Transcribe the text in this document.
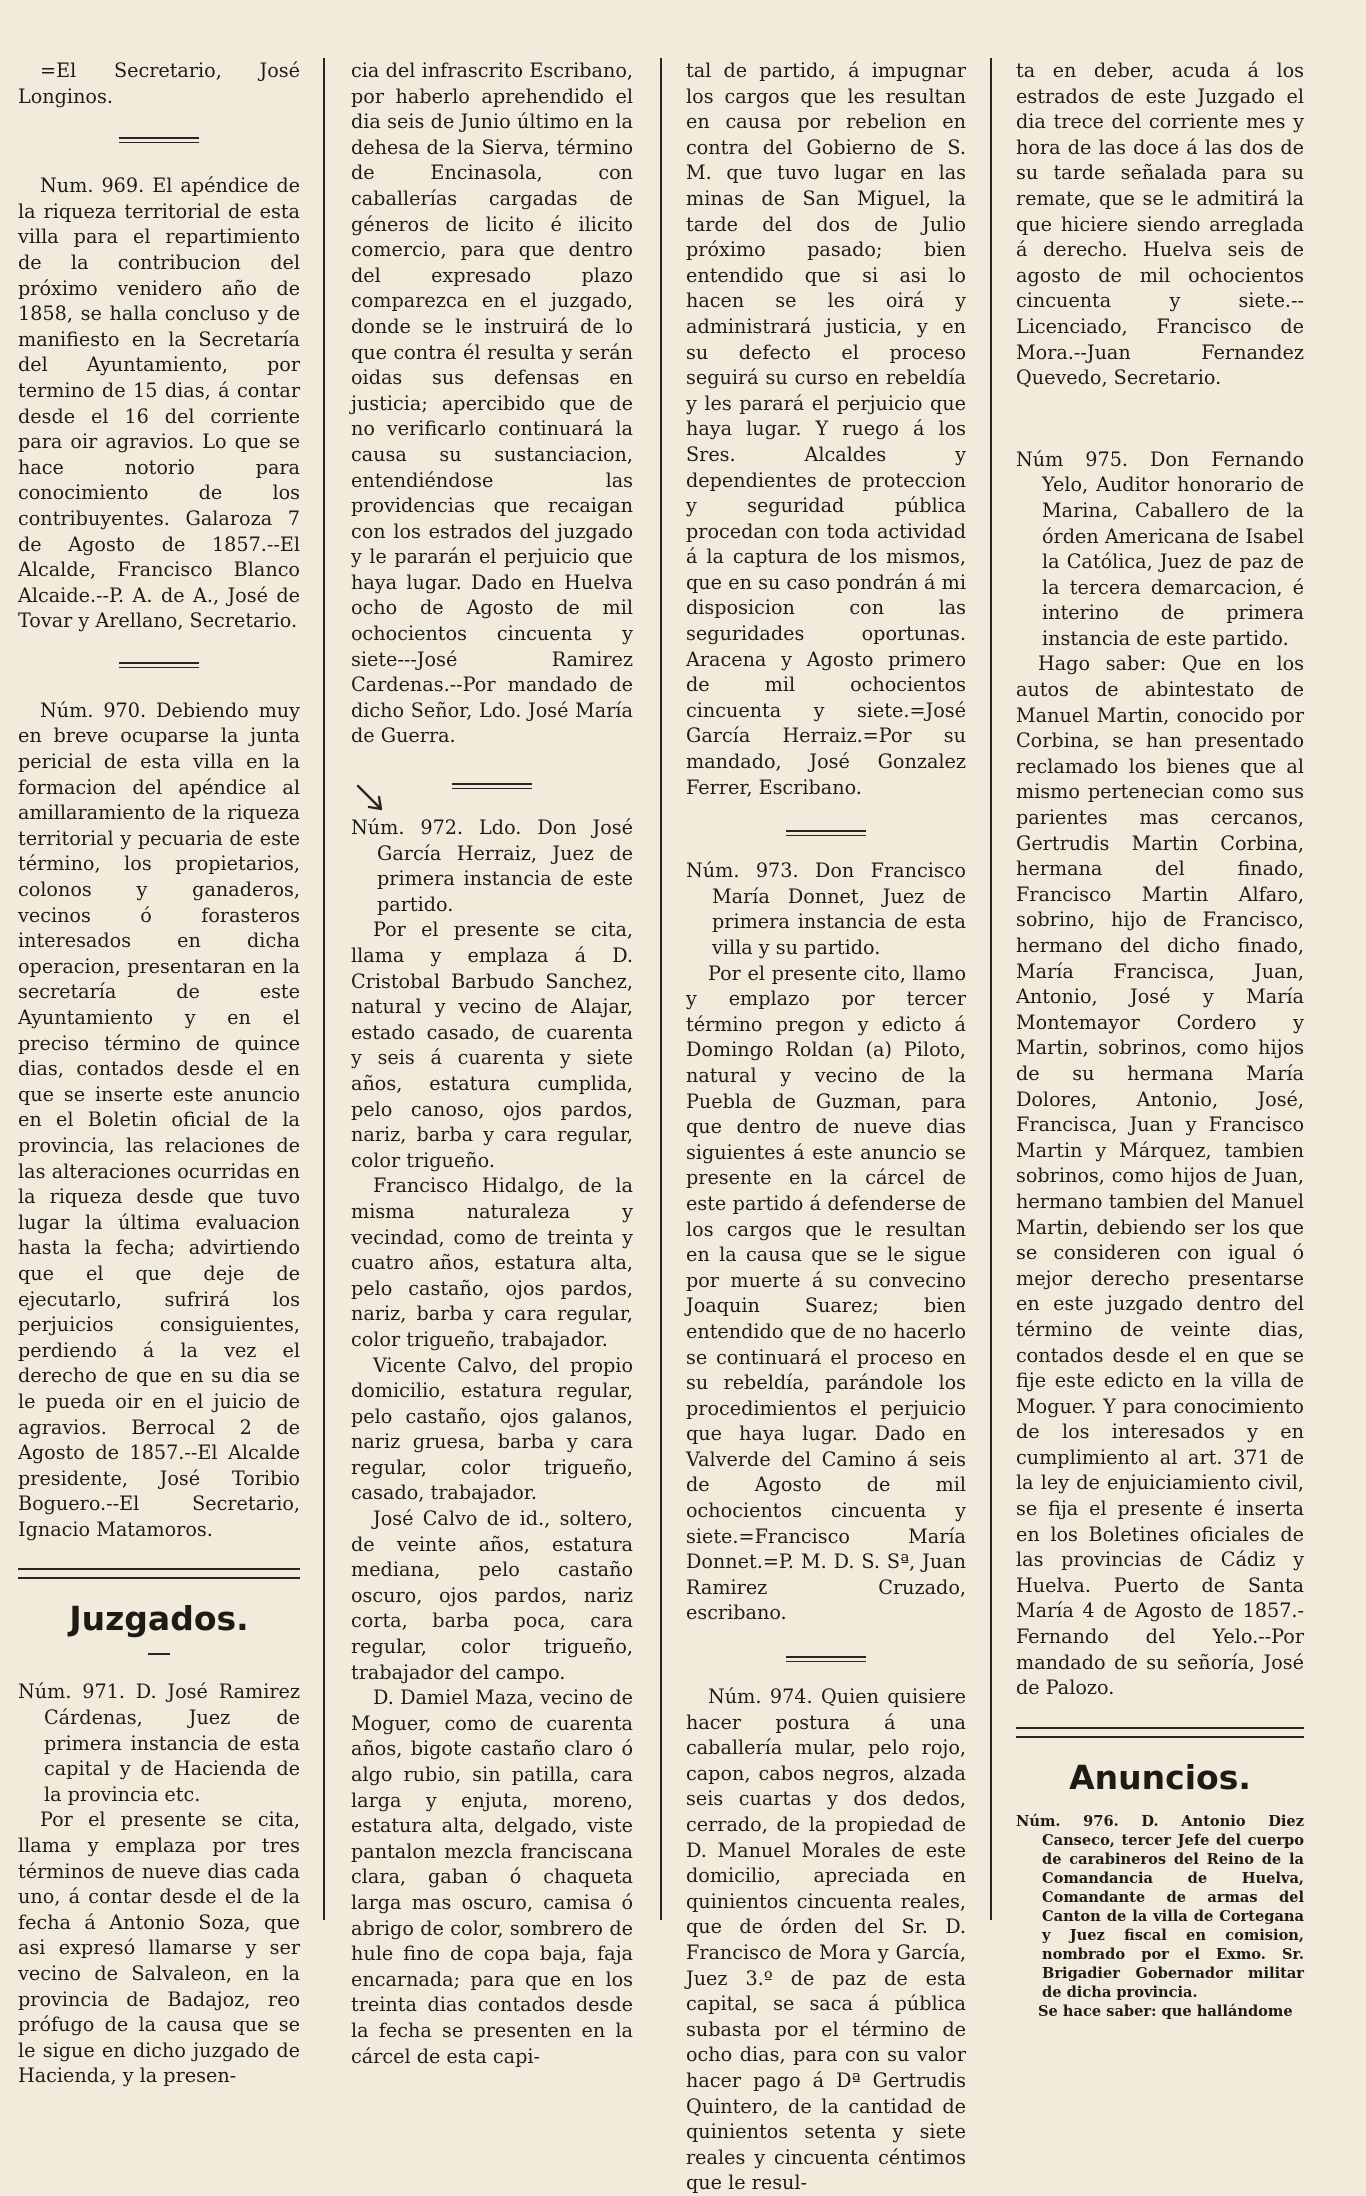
=El Secretario, José Longinos.

Num. 969. El apéndice de la riqueza territorial de esta villa para el repartimiento de la contribucion del próximo venidero año de 1858, se halla concluso y de manifiesto en la Secretaría del Ayuntamiento, por termino de 15 dias, á contar desde el 16 del corriente para oir agravios. Lo que se hace notorio para conocimiento de los contribuyentes. Galaroza 7 de Agosto de 1857.--El Alcalde, Francisco Blanco Alcaide.--P. A. de A., José de Tovar y Arellano, Secretario.

Núm. 970. Debiendo muy en breve ocuparse la junta pericial de esta villa en la formacion del apéndice al amillaramiento de la riqueza territorial y pecuaria de este término, los propietarios, colonos y ganaderos, vecinos ó forasteros interesados en dicha operacion, presentaran en la secretaría de este Ayuntamiento y en el preciso término de quince dias, contados desde el en que se inserte este anuncio en el Boletin oficial de la provincia, las relaciones de las alteraciones ocurridas en la riqueza desde que tuvo lugar la última evaluacion hasta la fecha; advirtiendo que el que deje de ejecutarlo, sufrirá los perjuicios consiguientes, perdiendo á la vez el derecho de que en su dia se le pueda oir en el juicio de agravios. Berrocal 2 de Agosto de 1857.--El Alcalde presidente, José Toribio Boguero.--El Secretario, Ignacio Matamoros.

Juzgados.

Núm. 971. D. José Ramirez Cárdenas, Juez de primera instancia de esta capital y de Hacienda de la provincia etc.

Por el presente se cita, llama y emplaza por tres términos de nueve dias cada uno, á contar desde el de la fecha á Antonio Soza, que asi expresó llamarse y ser vecino de Salvaleon, en la provincia de Badajoz, reo prófugo de la causa que se le sigue en dicho juzgado de Hacienda, y la presen-

cia del infrascrito Escribano, por haberlo aprehendido el dia seis de Junio último en la dehesa de la Sierva, término de Encinasola, con caballerías cargadas de géneros de licito é ilicito comercio, para que dentro del expresado plazo comparezca en el juzgado, donde se le instruirá de lo que contra él resulta y serán oidas sus defensas en justicia; apercibido que de no verificarlo continuará la causa su sustanciacion, entendiéndose las providencias que recaigan con los estrados del juzgado y le pararán el perjuicio que haya lugar. Dado en Huelva ocho de Agosto de mil ochocientos cincuenta y siete---José Ramirez Cardenas.--Por mandado de dicho Señor, Ldo. José María de Guerra.

Núm. 972. Ldo. Don José García Herraiz, Juez de primera instancia de este partido.

Por el presente se cita, llama y emplaza á D. Cristobal Barbudo Sanchez, natural y vecino de Alajar, estado casado, de cuarenta y seis á cuarenta y siete años, estatura cumplida, pelo canoso, ojos pardos, nariz, barba y cara regular, color trigueño.

Francisco Hidalgo, de la misma naturaleza y vecindad, como de treinta y cuatro años, estatura alta, pelo castaño, ojos pardos, nariz, barba y cara regular, color trigueño, trabajador.

Vicente Calvo, del propio domicilio, estatura regular, pelo castaño, ojos galanos, nariz gruesa, barba y cara regular, color trigueño, casado, trabajador.

José Calvo de id., soltero, de veinte años, estatura mediana, pelo castaño oscuro, ojos pardos, nariz corta, barba poca, cara regular, color trigueño, trabajador del campo.

D. Damiel Maza, vecino de Moguer, como de cuarenta años, bigote castaño claro ó algo rubio, sin patilla, cara larga y enjuta, moreno, estatura alta, delgado, viste pantalon mezcla franciscana clara, gaban ó chaqueta larga mas oscuro, camisa ó abrigo de color, sombrero de hule fino de copa baja, faja encarnada; para que en los treinta dias contados desde la fecha se presenten en la cárcel de esta capi-

tal de partido, á impugnar los cargos que les resultan en causa por rebelion en contra del Gobierno de S. M. que tuvo lugar en las minas de San Miguel, la tarde del dos de Julio próximo pasado; bien entendido que si asi lo hacen se les oirá y administrará justicia, y en su defecto el proceso seguirá su curso en rebeldía y les parará el perjuicio que haya lugar. Y ruego á los Sres. Alcaldes y dependientes de proteccion y seguridad pública procedan con toda actividad á la captura de los mismos, que en su caso pondrán á mi disposicion con las seguridades oportunas. Aracena y Agosto primero de mil ochocientos cincuenta y siete.=José García Herraiz.=Por su mandado, José Gonzalez Ferrer, Escribano.

Núm. 973. Don Francisco María Donnet, Juez de primera instancia de esta villa y su partido.

Por el presente cito, llamo y emplazo por tercer término pregon y edicto á Domingo Roldan (a) Piloto, natural y vecino de la Puebla de Guzman, para que dentro de nueve dias siguientes á este anuncio se presente en la cárcel de este partido á defenderse de los cargos que le resultan en la causa que se le sigue por muerte á su convecino Joaquin Suarez; bien entendido que de no hacerlo se continuará el proceso en su rebeldía, parándole los procedimientos el perjuicio que haya lugar. Dado en Valverde del Camino á seis de Agosto de mil ochocientos cincuenta y siete.=Francisco María Donnet.=P. M. D. S. Sª, Juan Ramirez Cruzado, escribano.

Núm. 974. Quien quisiere hacer postura á una caballería mular, pelo rojo, capon, cabos negros, alzada seis cuartas y dos dedos, cerrado, de la propiedad de D. Manuel Morales de este domicilio, apreciada en quinientos cincuenta reales, que de órden del Sr. D. Francisco de Mora y García, Juez 3.º de paz de esta capital, se saca á pública subasta por el término de ocho dias, para con su valor hacer pago á Dª Gertrudis Quintero, de la cantidad de quinientos setenta y siete reales y cincuenta céntimos que le resul-

ta en deber, acuda á los estrados de este Juzgado el dia trece del corriente mes y hora de las doce á las dos de su tarde señalada para su remate, que se le admitirá la que hiciere siendo arreglada á derecho. Huelva seis de agosto de mil ochocientos cincuenta y siete.--Licenciado, Francisco de Mora.--Juan Fernandez Quevedo, Secretario.

Núm 975. Don Fernando Yelo, Auditor honorario de Marina, Caballero de la órden Americana de Isabel la Católica, Juez de paz de la tercera demarcacion, é interino de primera instancia de este partido.

Hago saber: Que en los autos de abintestato de Manuel Martin, conocido por Corbina, se han presentado reclamado los bienes que al mismo pertenecian como sus parientes mas cercanos, Gertrudis Martin Corbina, hermana del finado, Francisco Martin Alfaro, sobrino, hijo de Francisco, hermano del dicho finado, María Francisca, Juan, Antonio, José y María Montemayor Cordero y Martin, sobrinos, como hijos de su hermana María Dolores, Antonio, José, Francisca, Juan y Francisco Martin y Márquez, tambien sobrinos, como hijos de Juan, hermano tambien del Manuel Martin, debiendo ser los que se consideren con igual ó mejor derecho presentarse en este juzgado dentro del término de veinte dias, contados desde el en que se fije este edicto en la villa de Moguer. Y para conocimiento de los interesados y en cumplimiento al art. 371 de la ley de enjuiciamiento civil, se fija el presente é inserta en los Boletines oficiales de las provincias de Cádiz y Huelva. Puerto de Santa María 4 de Agosto de 1857.-Fernando del Yelo.--Por mandado de su señoría, José de Palozo.

Anuncios.

Núm. 976. D. Antonio Diez Canseco, tercer Jefe del cuerpo de carabineros del Reino de la Comandancia de Huelva, Comandante de armas del Canton de la villa de Cortegana y Juez fiscal en comision, nombrado por el Exmo. Sr. Brigadier Gobernador militar de dicha provincia.

Se hace saber: que hallándome
